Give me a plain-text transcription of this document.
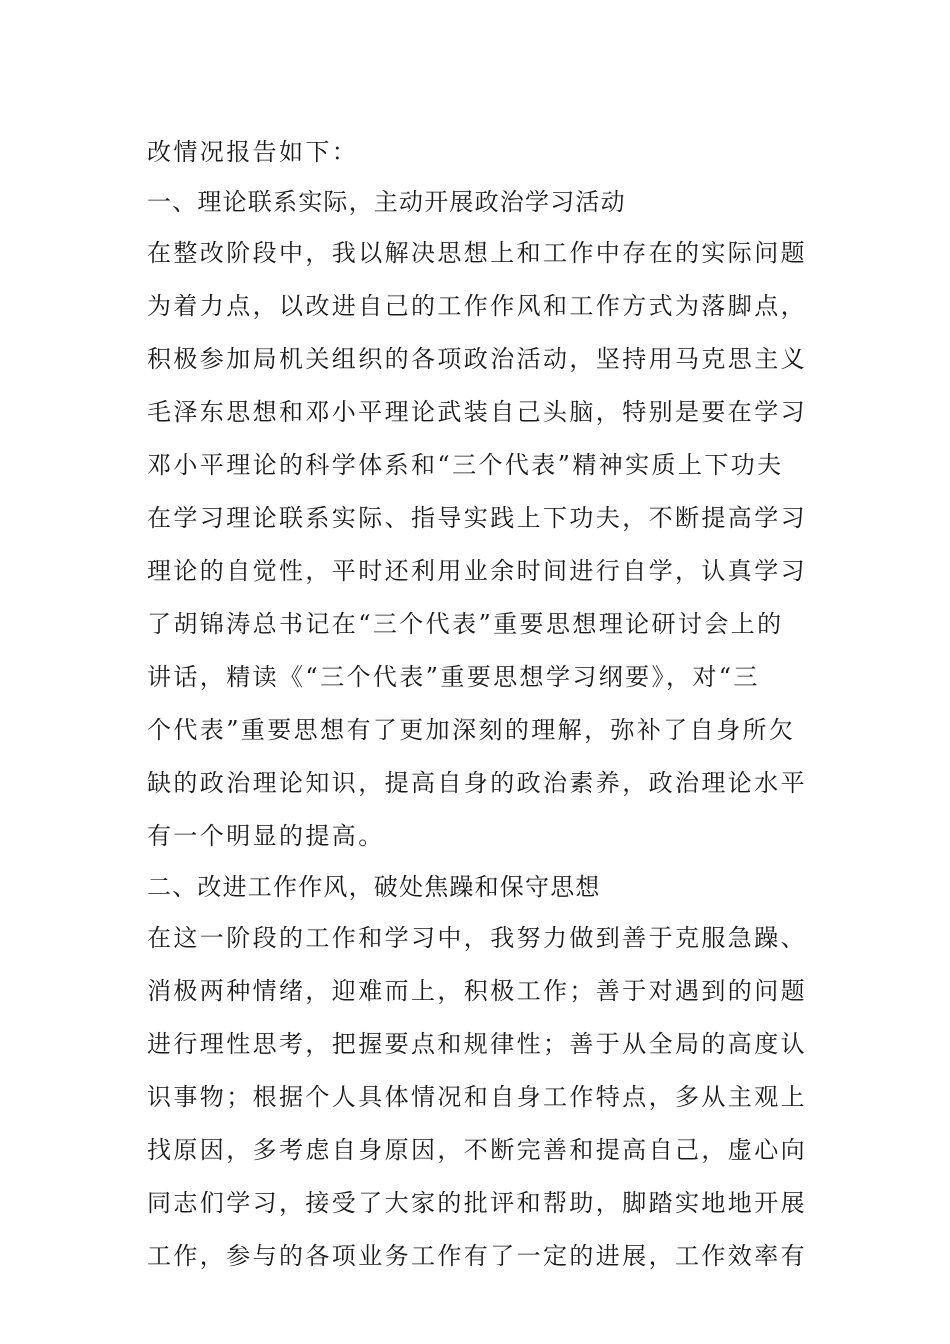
改情况报告如下：
一、理论联系实际，主动开展政治学习活动
在整改阶段中，我以解决思想上和工作中存在的实际问题
为着力点，以改进自己的工作作风和工作方式为落脚点，
积极参加局机关组织的各项政治活动，坚持用马克思主义
毛泽东思想和邓小平理论武装自己头脑，特别是要在学习
邓小平理论的科学体系和“三个代表”精神实质上下功夫
在学习理论联系实际、指导实践上下功夫，不断提高学习
理论的自觉性，平时还利用业余时间进行自学，认真学习
了胡锦涛总书记在“三个代表”重要思想理论研讨会上的
讲话，精读《“三个代表”重要思想学习纲要》，对“三
个代表”重要思想有了更加深刻的理解，弥补了自身所欠
缺的政治理论知识，提高自身的政治素养，政治理论水平
有一个明显的提高。
二、改进工作作风，破处焦躁和保守思想
在这一阶段的工作和学习中，我努力做到善于克服急躁、
消极两种情绪，迎难而上，积极工作；善于对遇到的问题
进行理性思考，把握要点和规律性；善于从全局的高度认
识事物；根据个人具体情况和自身工作特点，多从主观上
找原因，多考虑自身原因，不断完善和提高自己，虚心向
同志们学习，接受了大家的批评和帮助，脚踏实地地开展
工作，参与的各项业务工作有了一定的进展，工作效率有
